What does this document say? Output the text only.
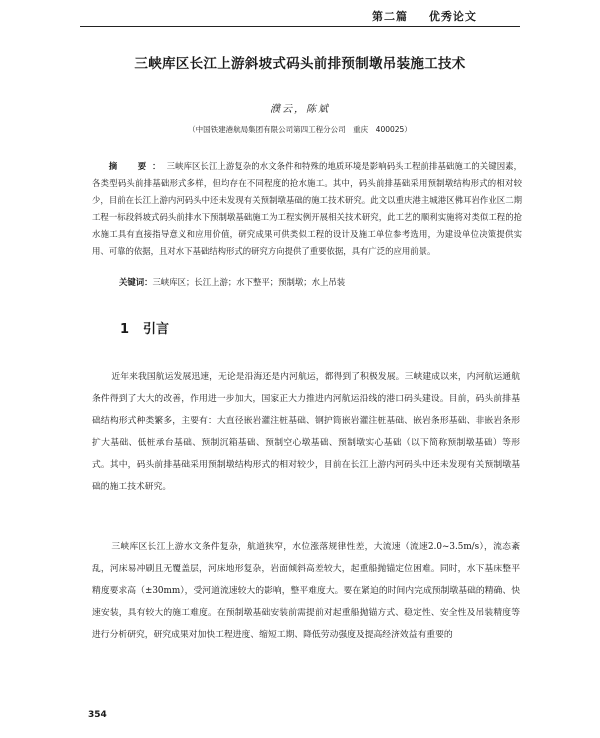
第二篇 优秀论文
三峡库区长江上游斜坡式码头前排预制墩吊装施工技术
濮云，陈斌
（中国铁建港航局集团有限公司第四工程分公司　重庆　400025）

摘　要：三峡库区长江上游复杂的水文条件和特殊的地质环境是影响码头工程前排基础施工的关键因素，各类型码头前排基础形式多样，但均存在不同程度的抢水施工。其中，码头前排基础采用预制墩结构形式的相对较少，目前在长江上游内河码头中还未发现有关预制墩基础的施工技术研究。此文以重庆港主城港区佛耳岩作业区二期工程一标段斜坡式码头前排水下预制墩基础施工为工程实例开展相关技术研究，此工艺的顺利实施将对类似工程的抢水施工具有直接指导意义和应用价值，研究成果可供类似工程的设计及施工单位参考选用，为建设单位决策提供实用、可靠的依据，且对水下基础结构形式的研究方向提供了重要依据，具有广泛的应用前景。

关键词：三峡库区；长江上游；水下整平；预制墩；水上吊装
1 引言

近年来我国航运发展迅速，无论是沿海还是内河航运，都得到了积极发展。三峡建成以来，内河航运通航条件得到了大大的改善，作用进一步加大，国家正大力推进内河航运沿线的港口码头建设。目前，码头前排基础结构形式种类繁多，主要有：大直径嵌岩灌注桩基础、钢护筒嵌岩灌注桩基础、嵌岩条形基础、非嵌岩条形扩大基础、低桩承台基础、预制沉箱基础、预制空心墩基础、预制墩实心基础（以下简称预制墩基础）等形式。其中，码头前排基础采用预制墩结构形式的相对较少，目前在长江上游内河码头中还未发现有关预制墩基础的施工技术研究。

三峡库区长江上游水文条件复杂，航道狭窄，水位涨落规律性差，大流速（流速2.0~3.5m/s），流态紊乱，河床易冲刷且无覆盖层，河床地形复杂，岩面倾斜高差较大，起重船抛锚定位困难。同时，水下基床整平精度要求高（±30mm），受河道流速较大的影响，整平难度大。要在紧迫的时间内完成预制墩基础的精确、快速安装，具有较大的施工难度。在预制墩基础安装前需提前对起重船抛锚方式、稳定性、安全性及吊装精度等进行分析研究，研究成果对加快工程进度、缩短工期、降低劳动强度及提高经济效益有重要的

354
